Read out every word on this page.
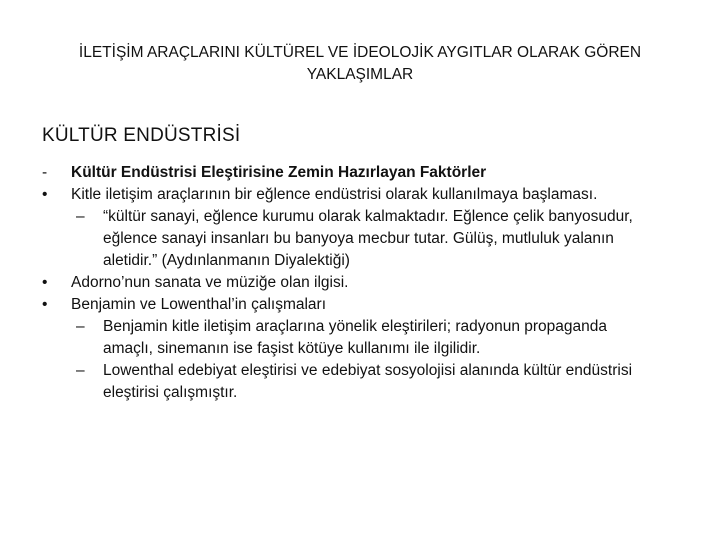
İLETİŞİM ARAÇLARINI KÜLTÜREL VE İDEOLOJİK AYGITLAR OLARAK GÖREN
YAKLAŞIMLAR
KÜLTÜR ENDÜSTRİSİ
-	Kültür Endüstrisi Eleştirisine Zemin Hazırlayan Faktörler
•	Kitle iletişim araçlarının bir eğlence endüstrisi olarak kullanılmaya başlaması.
– “kültür sanayi, eğlence kurumu olarak kalmaktadır. Eğlence çelik banyosudur, eğlence sanayi insanları bu banyoya mecbur tutar. Gülüş, mutluluk yalanın aletidir.” (Aydınlanmanın Diyalektiği)
•	Adorno’nun sanata ve müziğe olan ilgisi.
•	Benjamin ve Lowenthal’in çalışmaları
– Benjamin kitle iletişim araçlarına yönelik eleştirileri; radyonun propaganda amaçlı, sinemanın ise faşist kötüye kullanımı ile ilgilidir.
– Lowenthal edebiyat eleştirisi ve edebiyat sosyolojisi alanında kültür endüstrisi eleştirisi çalışmıştır.
